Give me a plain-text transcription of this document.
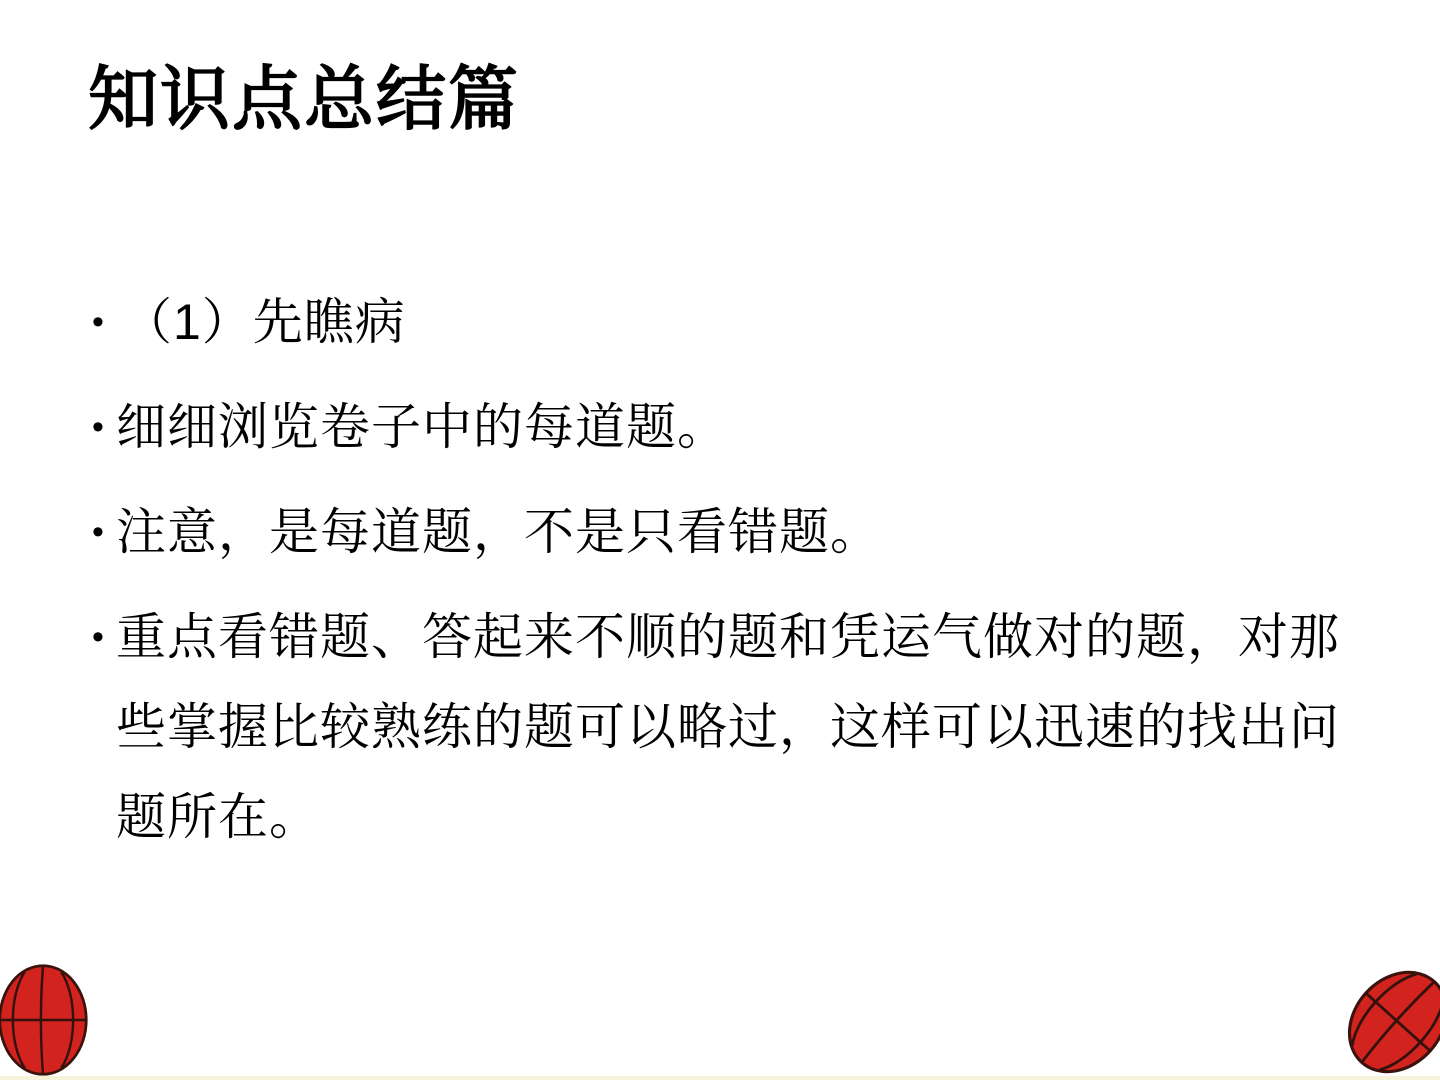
知识点总结篇
• （1）先瞧病
• 细细浏览卷子中的每道题。
• 注意，是每道题，不是只看错题。
• 重点看错题、答起来不顺的题和凭运气做对的题，对那些掌握比较熟练的题可以略过，这样可以迅速的找出问题所在。
